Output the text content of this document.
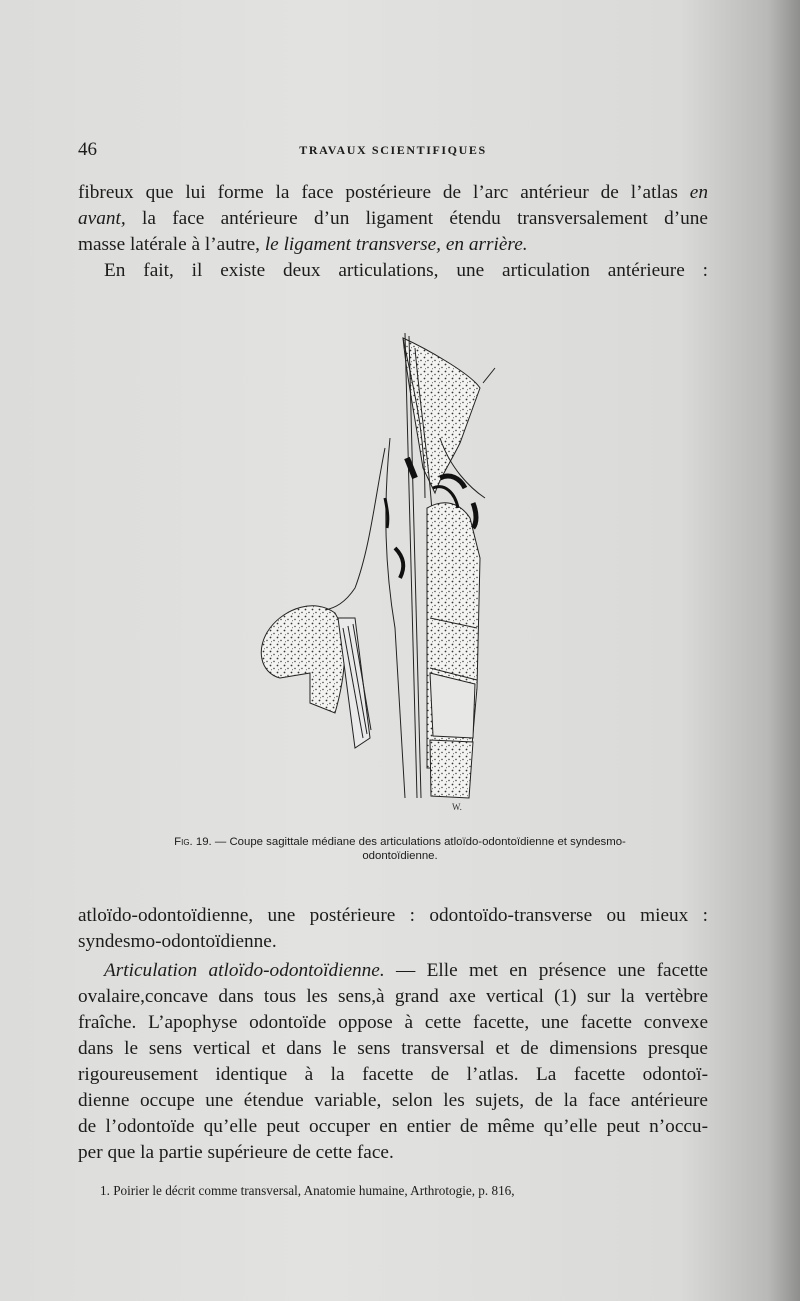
46	TRAVAUX SCIENTIFIQUES
fibreux que lui forme la face postérieure de l’arc antérieur de l’atlas en
avant, la face antérieure d’un ligament étendu transversalement d’une
masse latérale à l’autre, le ligament transverse, en arrière.
En fait, il existe deux articulations, une articulation antérieure :
W.
Fig. 19. — Coupe sagittale médiane des articulations atloïdo-odontoïdienne et syndesmo-
odontoïdienne.
atloïdo-odontoïdienne, une postérieure : odontoïdo-transverse ou mieux :
syndesmo-odontoïdienne.
Articulation atloïdo-odontoïdienne. — Elle met en présence une facette
ovalaire,concave dans tous les sens,à grand axe vertical (1) sur la vertèbre
fraîche. L’apophyse odontoïde oppose à cette facette, une facette convexe
dans le sens vertical et dans le sens transversal et de dimensions presque
rigoureusement identique à la facette de l’atlas. La facette odontoï-
dienne occupe une étendue variable, selon les sujets, de la face antérieure
de l’odontoïde qu’elle peut occuper en entier de même qu’elle peut n’occu-
per que la partie supérieure de cette face.
1. Poirier le décrit comme transversal, Anatomie humaine, Arthrotogie, p. 816,
